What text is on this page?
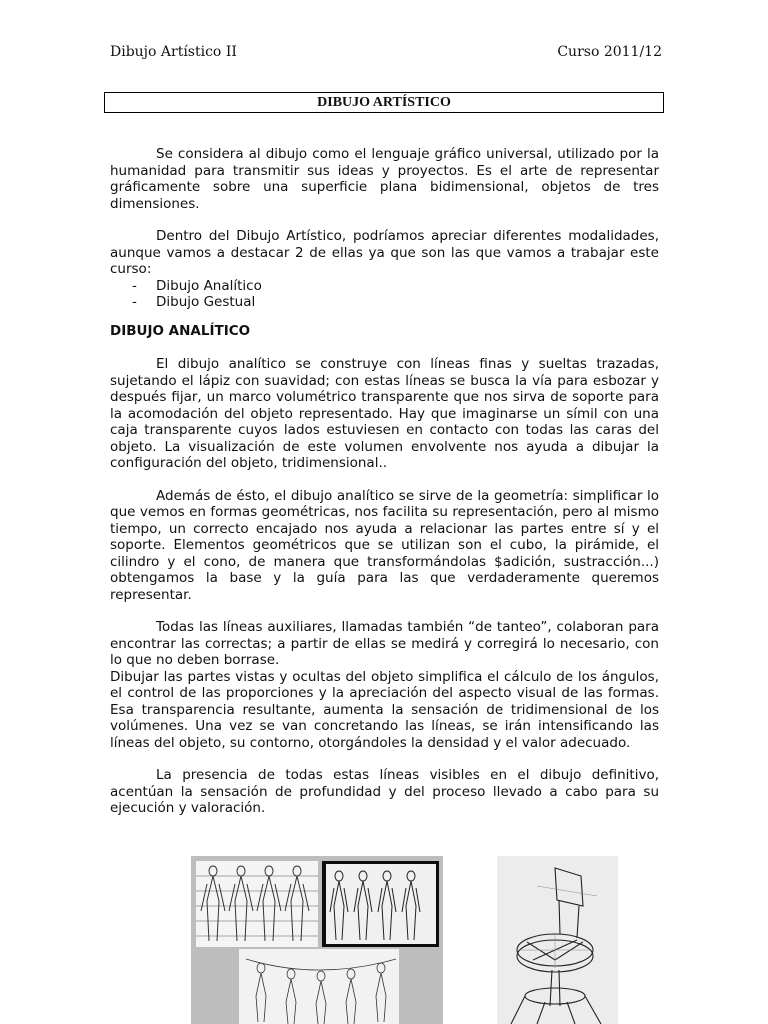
Dibujo Artístico II	Curso 2011/12
DIBUJO ARTÍSTICO

Se considera al dibujo como el lenguaje gráfico universal, utilizado por la humanidad para transmitir sus ideas y proyectos. Es el arte de representar gráficamente sobre una superficie plana bidimensional, objetos de tres dimensiones.

Dentro del Dibujo Artístico, podríamos apreciar diferentes modalidades, aunque vamos a destacar 2 de ellas ya que son las que vamos a trabajar este curso:

- Dibujo Analítico
- Dibujo Gestual
DIBUJO ANALÍTICO

El dibujo analítico se construye con líneas finas y sueltas trazadas, sujetando el lápiz con suavidad; con estas líneas se busca la vía para esbozar y después fijar, un marco volumétrico transparente que nos sirva de soporte para la acomodación del objeto representado. Hay que imaginarse un símil con una caja transparente cuyos lados estuviesen en contacto con todas las caras del objeto. La visualización de este volumen envolvente nos ayuda a dibujar la configuración del objeto, tridimensional..

Además de ésto, el dibujo analítico se sirve de la geometría: simplificar lo que vemos en formas geométricas, nos facilita su representación, pero al mismo tiempo, un correcto encajado nos ayuda a relacionar las partes entre sí y el soporte. Elementos geométricos que se utilizan son el cubo, la pirámide, el cilindro y el cono, de manera que transformándolas $adición, sustracción...) obtengamos la base y la guía para las que verdaderamente queremos representar.

Todas las líneas auxiliares, llamadas también “de tanteo”, colaboran para encontrar las correctas; a partir de ellas se medirá y corregirá lo necesario, con lo que no deben borrase.

Dibujar las partes vistas y ocultas del objeto simplifica el cálculo de los ángulos, el control de las proporciones y la apreciación del aspecto visual de las formas. Esa transparencia resultante, aumenta la sensación de tridimensional de los volúmenes. Una vez se van concretando las líneas, se irán intensificando las líneas del objeto, su contorno, otorgándoles la densidad y el valor adecuado.

La presencia de todas estas líneas visibles en el dibujo definitivo, acentúan la sensación de profundidad y del proceso llevado a cabo para su ejecución y valoración.
